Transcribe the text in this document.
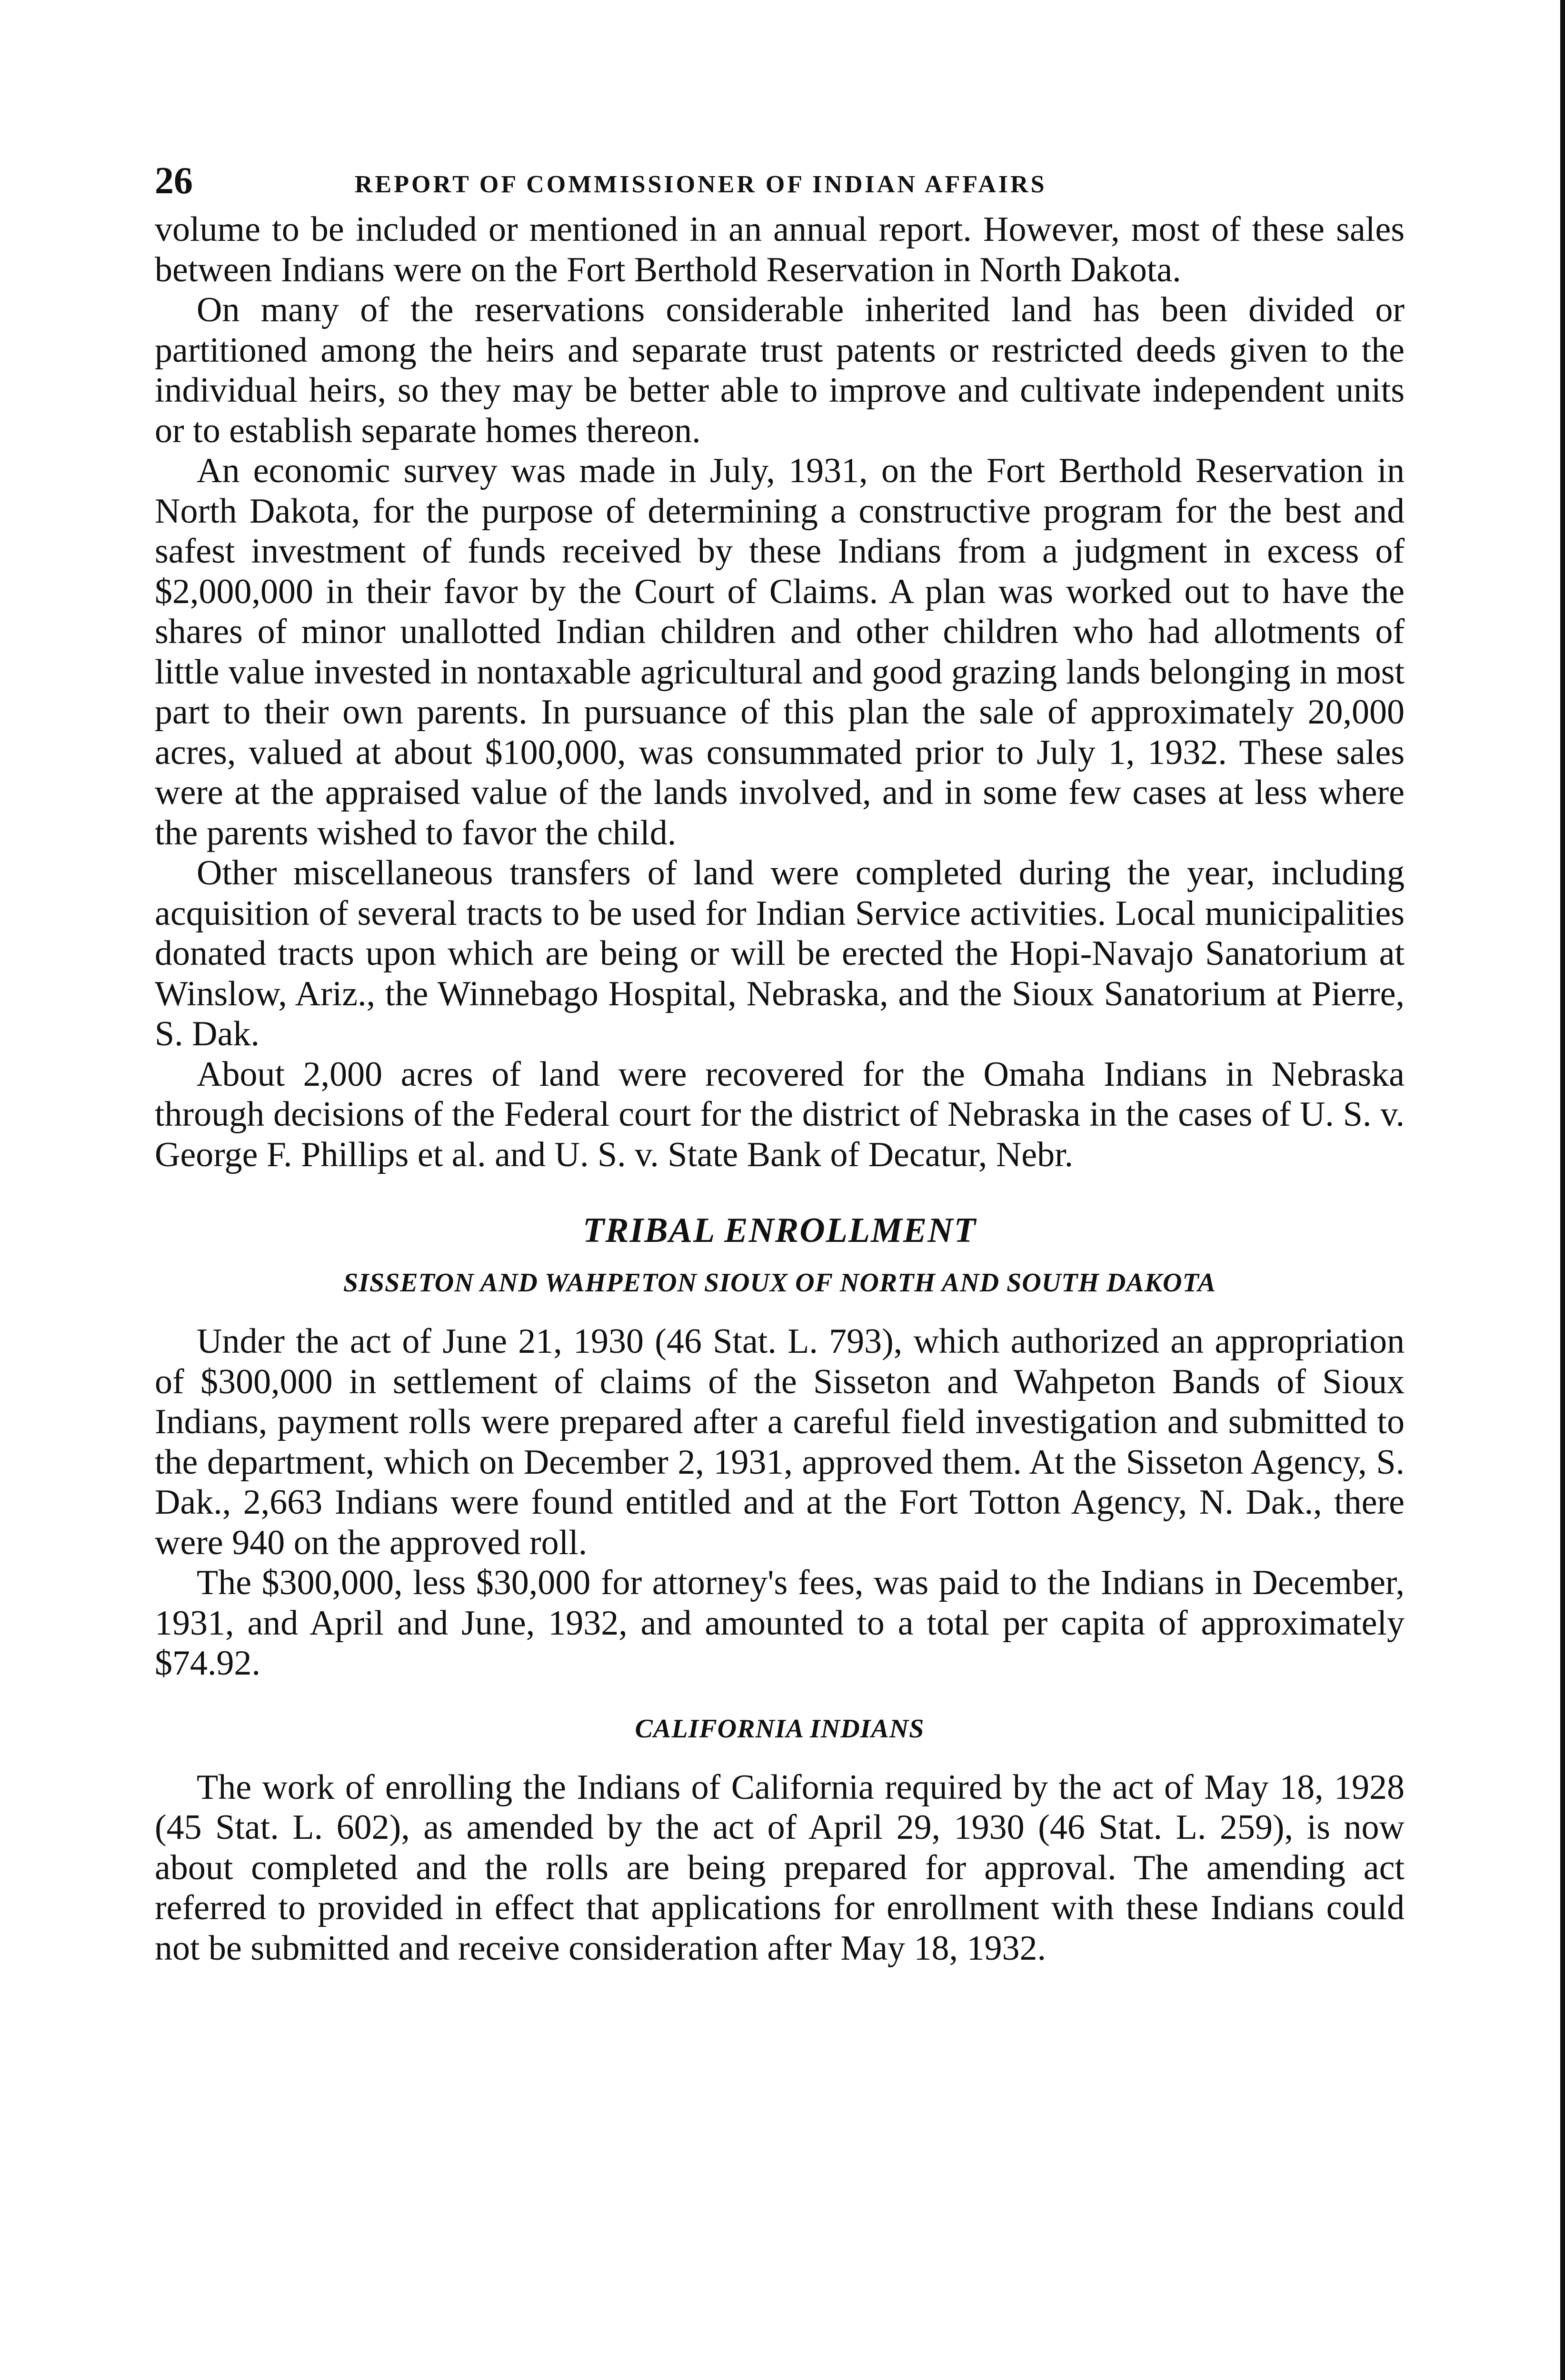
26	REPORT OF COMMISSIONER OF INDIAN AFFAIRS

volume to be included or mentioned in an annual report. However, most of these sales between Indians were on the Fort Berthold Reservation in North Dakota.

On many of the reservations considerable inherited land has been divided or partitioned among the heirs and separate trust patents or restricted deeds given to the individual heirs, so they may be better able to improve and cultivate independent units or to establish separate homes thereon.

An economic survey was made in July, 1931, on the Fort Berthold Reservation in North Dakota, for the purpose of determining a constructive program for the best and safest investment of funds received by these Indians from a judgment in excess of $2,000,000 in their favor by the Court of Claims. A plan was worked out to have the shares of minor unallotted Indian children and other children who had allotments of little value invested in nontaxable agricultural and good grazing lands belonging in most part to their own parents. In pursuance of this plan the sale of approximately 20,000 acres, valued at about $100,000, was consummated prior to July 1, 1932. These sales were at the appraised value of the lands involved, and in some few cases at less where the parents wished to favor the child.

Other miscellaneous transfers of land were completed during the year, including acquisition of several tracts to be used for Indian Service activities. Local municipalities donated tracts upon which are being or will be erected the Hopi-Navajo Sanatorium at Winslow, Ariz., the Winnebago Hospital, Nebraska, and the Sioux Sanatorium at Pierre, S. Dak.

About 2,000 acres of land were recovered for the Omaha Indians in Nebraska through decisions of the Federal court for the district of Nebraska in the cases of U. S. v. George F. Phillips et al. and U. S. v. State Bank of Decatur, Nebr.

TRIBAL ENROLLMENT
SISSETON AND WAHPETON SIOUX OF NORTH AND SOUTH DAKOTA

Under the act of June 21, 1930 (46 Stat. L. 793), which authorized an appropriation of $300,000 in settlement of claims of the Sisseton and Wahpeton Bands of Sioux Indians, payment rolls were prepared after a careful field investigation and submitted to the department, which on December 2, 1931, approved them. At the Sisseton Agency, S. Dak., 2,663 Indians were found entitled and at the Fort Totton Agency, N. Dak., there were 940 on the approved roll.

The $300,000, less $30,000 for attorney's fees, was paid to the Indians in December, 1931, and April and June, 1932, and amounted to a total per capita of approximately $74.92.

CALIFORNIA INDIANS

The work of enrolling the Indians of California required by the act of May 18, 1928 (45 Stat. L. 602), as amended by the act of April 29, 1930 (46 Stat. L. 259), is now about completed and the rolls are being prepared for approval. The amending act referred to provided in effect that applications for enrollment with these Indians could not be submitted and receive consideration after May 18, 1932.
